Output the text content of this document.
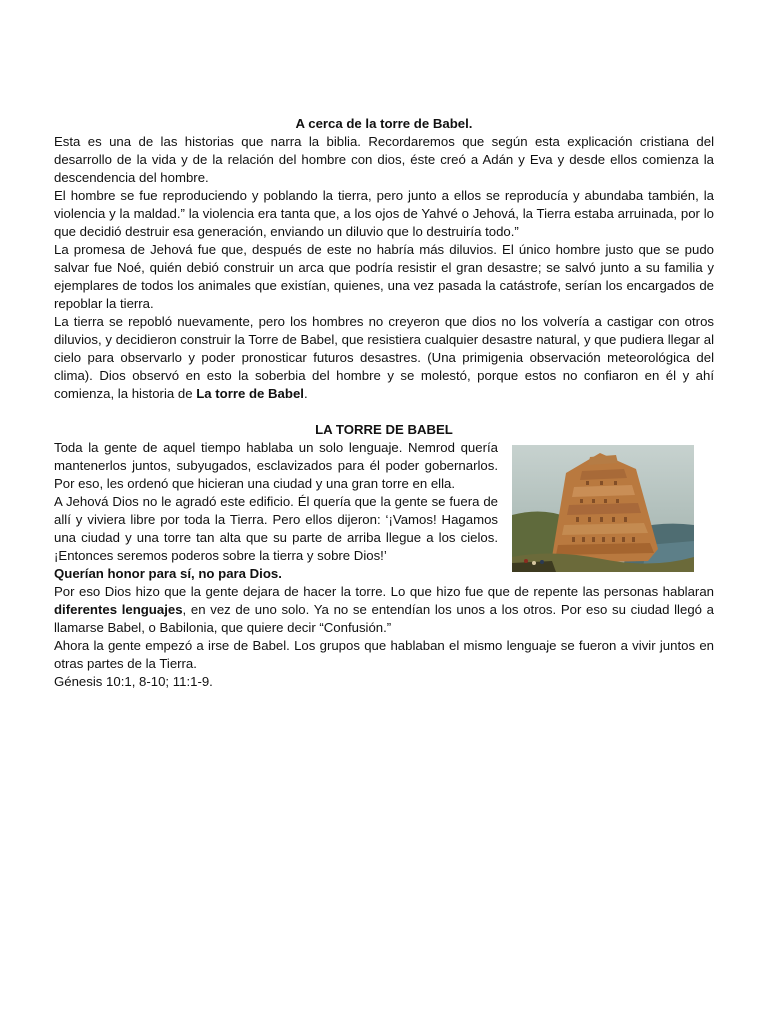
A cerca de la torre de Babel.

Esta es una de las historias que narra la biblia. Recordaremos que según esta explicación cristiana del desarrollo de la vida y de la relación del hombre con dios, éste creó a Adán y Eva y desde ellos comienza la descendencia del hombre.

El hombre se fue reproduciendo y poblando la tierra, pero junto a ellos se reproducía y abundaba también, la violencia y la maldad.” la violencia era tanta que, a los ojos de Yahvé o Jehová, la Tierra estaba arruinada, por lo que decidió destruir esa generación, enviando un diluvio que lo destruiría todo.”

La promesa de Jehová fue que, después de este no habría más diluvios. El único hombre justo que se pudo salvar fue Noé, quién debió construir un arca que podría resistir el gran desastre; se salvó junto a su familia y ejemplares de todos los animales que existían, quienes, una vez pasada la catástrofe, serían los encargados de repoblar la tierra.

La tierra se repobló nuevamente, pero los hombres no creyeron que dios no los volvería a castigar con otros diluvios, y decidieron construir la Torre de Babel, que resistiera cualquier desastre natural, y que pudiera llegar al cielo para observarlo y poder pronosticar futuros desastres. (Una primigenia observación meteorológica del clima). Dios observó en esto la soberbia del hombre y se molestó, porque estos no confiaron en él y ahí comienza, la historia de La torre de Babel.

LA TORRE DE BABEL

Toda la gente de aquel tiempo hablaba un solo lenguaje. Nemrod quería mantenerlos juntos, subyugados, esclavizados para él poder gobernarlos. Por eso, les ordenó que hicieran una ciudad y una gran torre en ella.

A Jehová Dios no le agradó este edificio. Él quería que la gente se fuera de allí y viviera libre por toda la Tierra. Pero ellos dijeron: ‘¡Vamos! Hagamos una ciudad y una torre tan alta que su parte de arriba llegue a los cielos. ¡Entonces seremos poderos sobre la tierra y sobre Dios!’

Querían honor para sí, no para Dios.

Por eso Dios hizo que la gente dejara de hacer la torre. Lo que hizo fue que de repente las personas hablaran diferentes lenguajes, en vez de uno solo. Ya no se entendían los unos a los otros. Por eso su ciudad llegó a llamarse Babel, o Babilonia, que quiere decir “Confusión.”

Ahora la gente empezó a irse de Babel. Los grupos que hablaban el mismo lenguaje se fueron a vivir juntos en otras partes de la Tierra.

Génesis 10:1, 8-10; 11:1-9.
